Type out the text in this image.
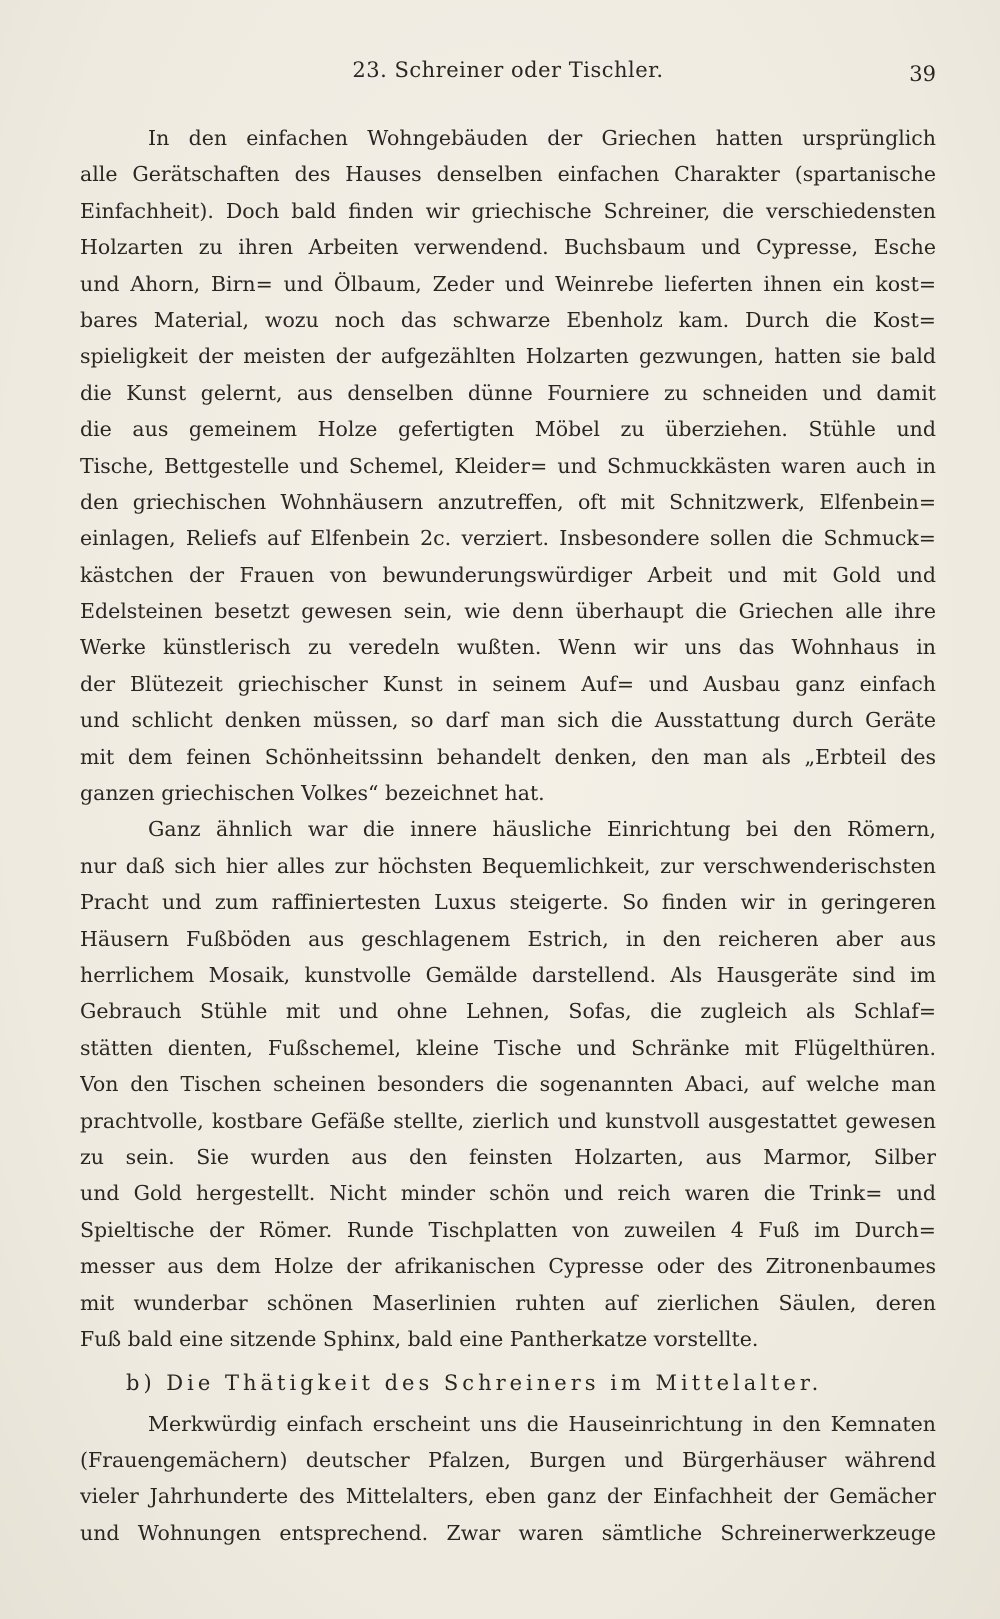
23. Schreiner oder Tischler.	39
In den einfachen Wohngebäuden der Griechen hatten ursprünglich
alle Gerätschaften des Hauses denselben einfachen Charakter (spartanische
Einfachheit). Doch bald finden wir griechische Schreiner, die verschiedensten
Holzarten zu ihren Arbeiten verwendend. Buchsbaum und Cypresse, Esche
und Ahorn, Birn= und Ölbaum, Zeder und Weinrebe lieferten ihnen ein kost=
bares Material, wozu noch das schwarze Ebenholz kam. Durch die Kost=
spieligkeit der meisten der aufgezählten Holzarten gezwungen, hatten sie bald
die Kunst gelernt, aus denselben dünne Fourniere zu schneiden und damit
die aus gemeinem Holze gefertigten Möbel zu überziehen. Stühle und
Tische, Bettgestelle und Schemel, Kleider= und Schmuckkästen waren auch in
den griechischen Wohnhäusern anzutreffen, oft mit Schnitzwerk, Elfenbein=
einlagen, Reliefs auf Elfenbein 2c. verziert. Insbesondere sollen die Schmuck=
kästchen der Frauen von bewunderungswürdiger Arbeit und mit Gold und
Edelsteinen besetzt gewesen sein, wie denn überhaupt die Griechen alle ihre
Werke künstlerisch zu veredeln wußten. Wenn wir uns das Wohnhaus in
der Blütezeit griechischer Kunst in seinem Auf= und Ausbau ganz einfach
und schlicht denken müssen, so darf man sich die Ausstattung durch Geräte
mit dem feinen Schönheitssinn behandelt denken, den man als „Erbteil des
ganzen griechischen Volkes“ bezeichnet hat.
Ganz ähnlich war die innere häusliche Einrichtung bei den Römern,
nur daß sich hier alles zur höchsten Bequemlichkeit, zur verschwenderischsten
Pracht und zum raffiniertesten Luxus steigerte. So finden wir in geringeren
Häusern Fußböden aus geschlagenem Estrich, in den reicheren aber aus
herrlichem Mosaik, kunstvolle Gemälde darstellend. Als Hausgeräte sind im
Gebrauch Stühle mit und ohne Lehnen, Sofas, die zugleich als Schlaf=
stätten dienten, Fußschemel, kleine Tische und Schränke mit Flügelthüren.
Von den Tischen scheinen besonders die sogenannten Abaci, auf welche man
prachtvolle, kostbare Gefäße stellte, zierlich und kunstvoll ausgestattet gewesen
zu sein. Sie wurden aus den feinsten Holzarten, aus Marmor, Silber
und Gold hergestellt. Nicht minder schön und reich waren die Trink= und
Spieltische der Römer. Runde Tischplatten von zuweilen 4 Fuß im Durch=
messer aus dem Holze der afrikanischen Cypresse oder des Zitronenbaumes
mit wunderbar schönen Maserlinien ruhten auf zierlichen Säulen, deren
Fuß bald eine sitzende Sphinx, bald eine Pantherkatze vorstellte.
b) Die Thätigkeit des Schreiners im Mittelalter.
Merkwürdig einfach erscheint uns die Hauseinrichtung in den Kemnaten
(Frauengemächern) deutscher Pfalzen, Burgen und Bürgerhäuser während
vieler Jahrhunderte des Mittelalters, eben ganz der Einfachheit der Gemächer
und Wohnungen entsprechend. Zwar waren sämtliche Schreinerwerkzeuge
